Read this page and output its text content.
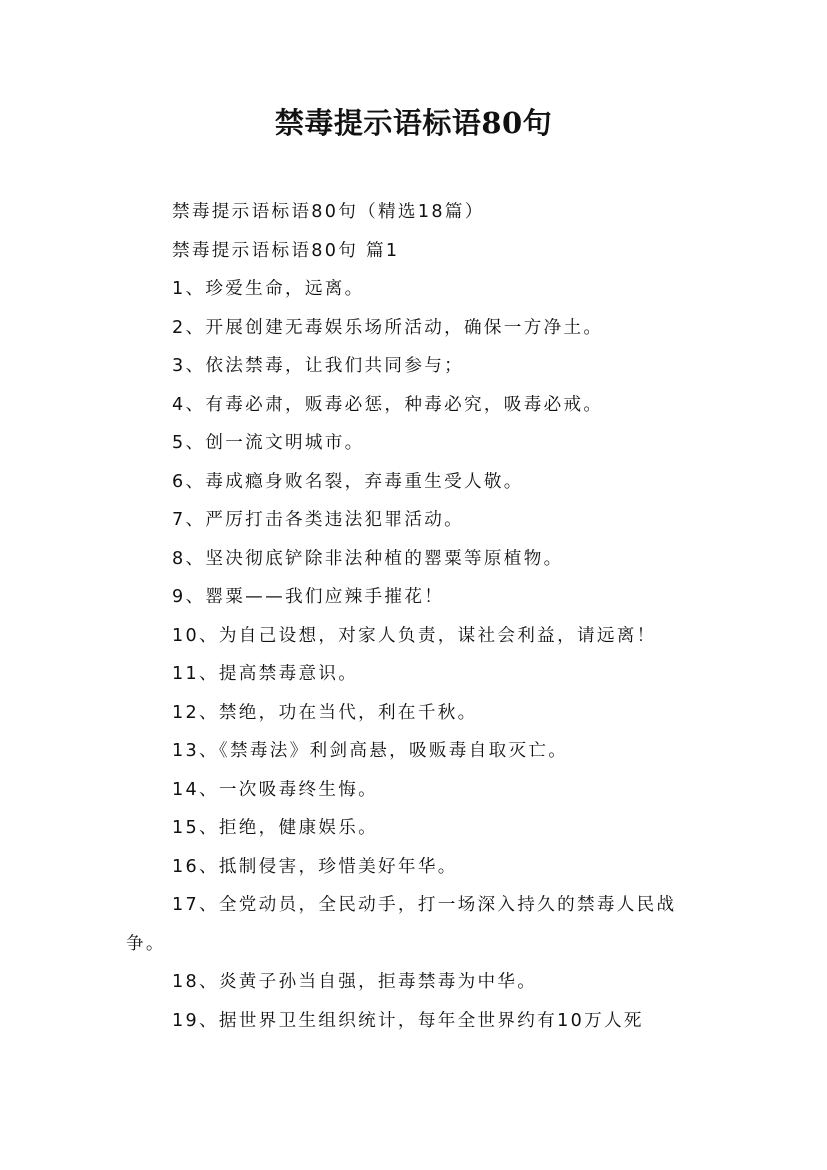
禁毒提示语标语80句

禁毒提示语标语80句（精选18篇）

禁毒提示语标语80句 篇1

1、珍爱生命，远离。

2、开展创建无毒娱乐场所活动，确保一方净土。

3、依法禁毒，让我们共同参与；

4、有毒必肃，贩毒必惩，种毒必究，吸毒必戒。

5、创一流文明城市。

6、毒成瘾身败名裂，弃毒重生受人敬。

7、严厉打击各类违法犯罪活动。

8、坚决彻底铲除非法种植的罂粟等原植物。

9、罂粟——我们应辣手摧花！

10、为自己设想，对家人负责，谋社会利益，请远离！

11、提高禁毒意识。

12、禁绝，功在当代，利在千秋。

13、《禁毒法》利剑高悬，吸贩毒自取灭亡。

14、一次吸毒终生悔。

15、拒绝，健康娱乐。

16、抵制侵害，珍惜美好年华。

17、全党动员，全民动手，打一场深入持久的禁毒人民战争。

18、炎黄子孙当自强，拒毒禁毒为中华。

19、据世界卫生组织统计，每年全世界约有10万人死
